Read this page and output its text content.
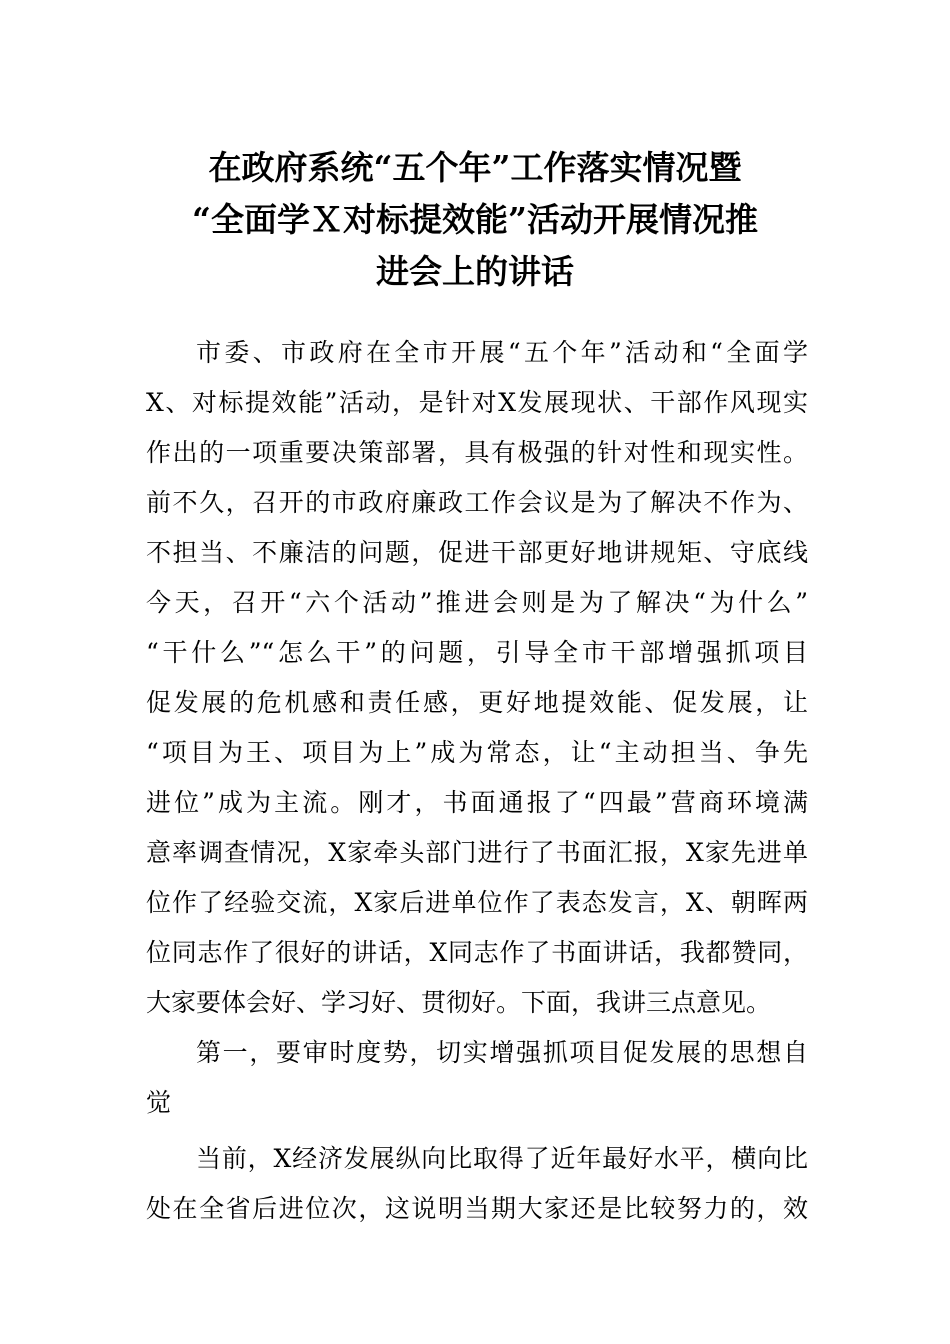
在政府系统“五个年”工作落实情况暨
“全面学Ｘ对标提效能”活动开展情况推
进会上的讲话
市委、市政府在全市开展“五个年”活动和“全面学
X、对标提效能”活动，是针对X发展现状、干部作风现实
作出的一项重要决策部署，具有极强的针对性和现实性。
前不久，召开的市政府廉政工作会议是为了解决不作为、
不担当、不廉洁的问题，促进干部更好地讲规矩、守底线
今天，召开“六个活动”推进会则是为了解决“为什么”
“干什么”“怎么干”的问题，引导全市干部增强抓项目
促发展的危机感和责任感，更好地提效能、促发展，让
“项目为王、项目为上”成为常态，让“主动担当、争先
进位”成为主流。刚才，书面通报了“四最”营商环境满
意率调查情况，X家牵头部门进行了书面汇报，X家先进单
位作了经验交流，X家后进单位作了表态发言，X、朝晖两
位同志作了很好的讲话，X同志作了书面讲话，我都赞同，
大家要体会好、学习好、贯彻好。下面，我讲三点意见。
第一，要审时度势，切实增强抓项目促发展的思想自
觉
当前，X经济发展纵向比取得了近年最好水平，横向比
处在全省后进位次，这说明当期大家还是比较努力的，效
